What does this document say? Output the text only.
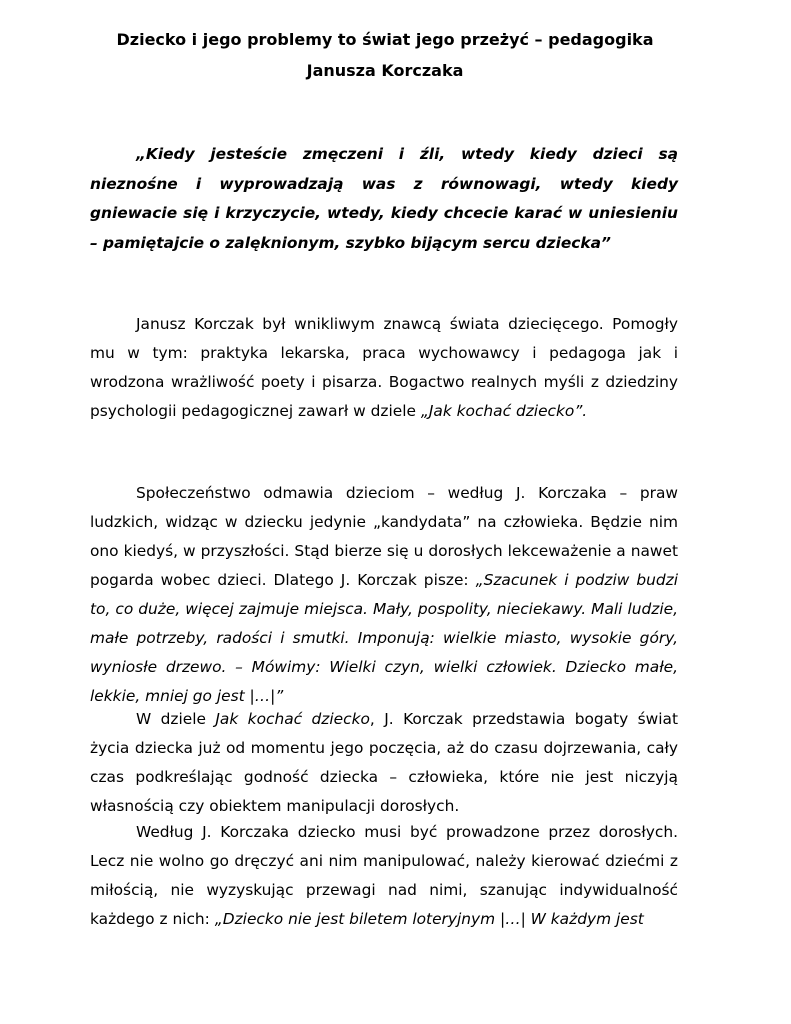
Dziecko i jego problemy to świat jego przeżyć – pedagogika
Janusza Korczaka

„Kiedy jesteście zmęczeni i źli, wtedy kiedy dzieci są nieznośne i wyprowadzają was z równowagi, wtedy kiedy gniewacie się i krzyczycie, wtedy, kiedy chcecie karać w uniesieniu – pamiętajcie o zalęknionym, szybko bijącym sercu dziecka”

Janusz Korczak był wnikliwym znawcą świata dziecięcego. Pomogły mu w tym: praktyka lekarska, praca wychowawcy i pedagoga jak i wrodzona wrażliwość poety i pisarza. Bogactwo realnych myśli z dziedziny psychologii pedagogicznej zawarł w dziele „Jak kochać dziecko”.

Społeczeństwo odmawia dzieciom – według J. Korczaka – praw ludzkich, widząc w dziecku jedynie „kandydata” na człowieka. Będzie nim ono kiedyś, w przyszłości. Stąd bierze się u dorosłych lekceważenie a nawet pogarda wobec dzieci. Dlatego J. Korczak pisze: „Szacunek i podziw budzi to, co duże, więcej zajmuje miejsca. Mały, pospolity, nieciekawy. Mali ludzie, małe potrzeby, radości i smutki. Imponują: wielkie miasto, wysokie góry, wyniosłe drzewo. – Mówimy: Wielki czyn, wielki człowiek. Dziecko małe, lekkie, mniej go jest |…|”

W dziele Jak kochać dziecko, J. Korczak przedstawia bogaty świat życia dziecka już od momentu jego poczęcia, aż do czasu dojrzewania, cały czas podkreślając godność dziecka – człowieka, które nie jest niczyją własnością czy obiektem manipulacji dorosłych.

Według J. Korczaka dziecko musi być prowadzone przez dorosłych. Lecz nie wolno go dręczyć ani nim manipulować, należy kierować dziećmi z miłością, nie wyzyskując przewagi nad nimi, szanując indywidualność każdego z nich: „Dziecko nie jest biletem loteryjnym |…| W każdym jest
